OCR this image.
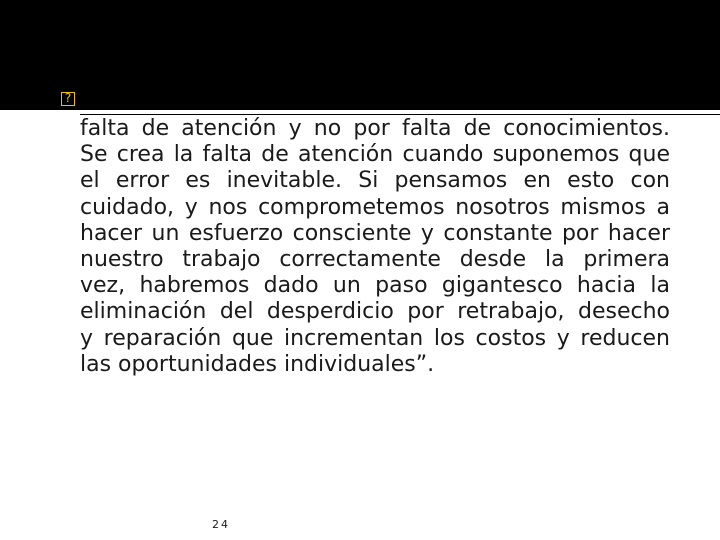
?
falta de atención y no por falta de conocimientos.
Se crea la falta de atención cuando suponemos que
el error es inevitable. Si pensamos en esto con
cuidado, y nos comprometemos nosotros mismos a
hacer un esfuerzo consciente y constante por hacer
nuestro trabajo correctamente desde la primera
vez, habremos dado un paso gigantesco hacia la
eliminación del desperdicio por retrabajo, desecho
y reparación que incrementan los costos y reducen
las oportunidades individuales”.
24
